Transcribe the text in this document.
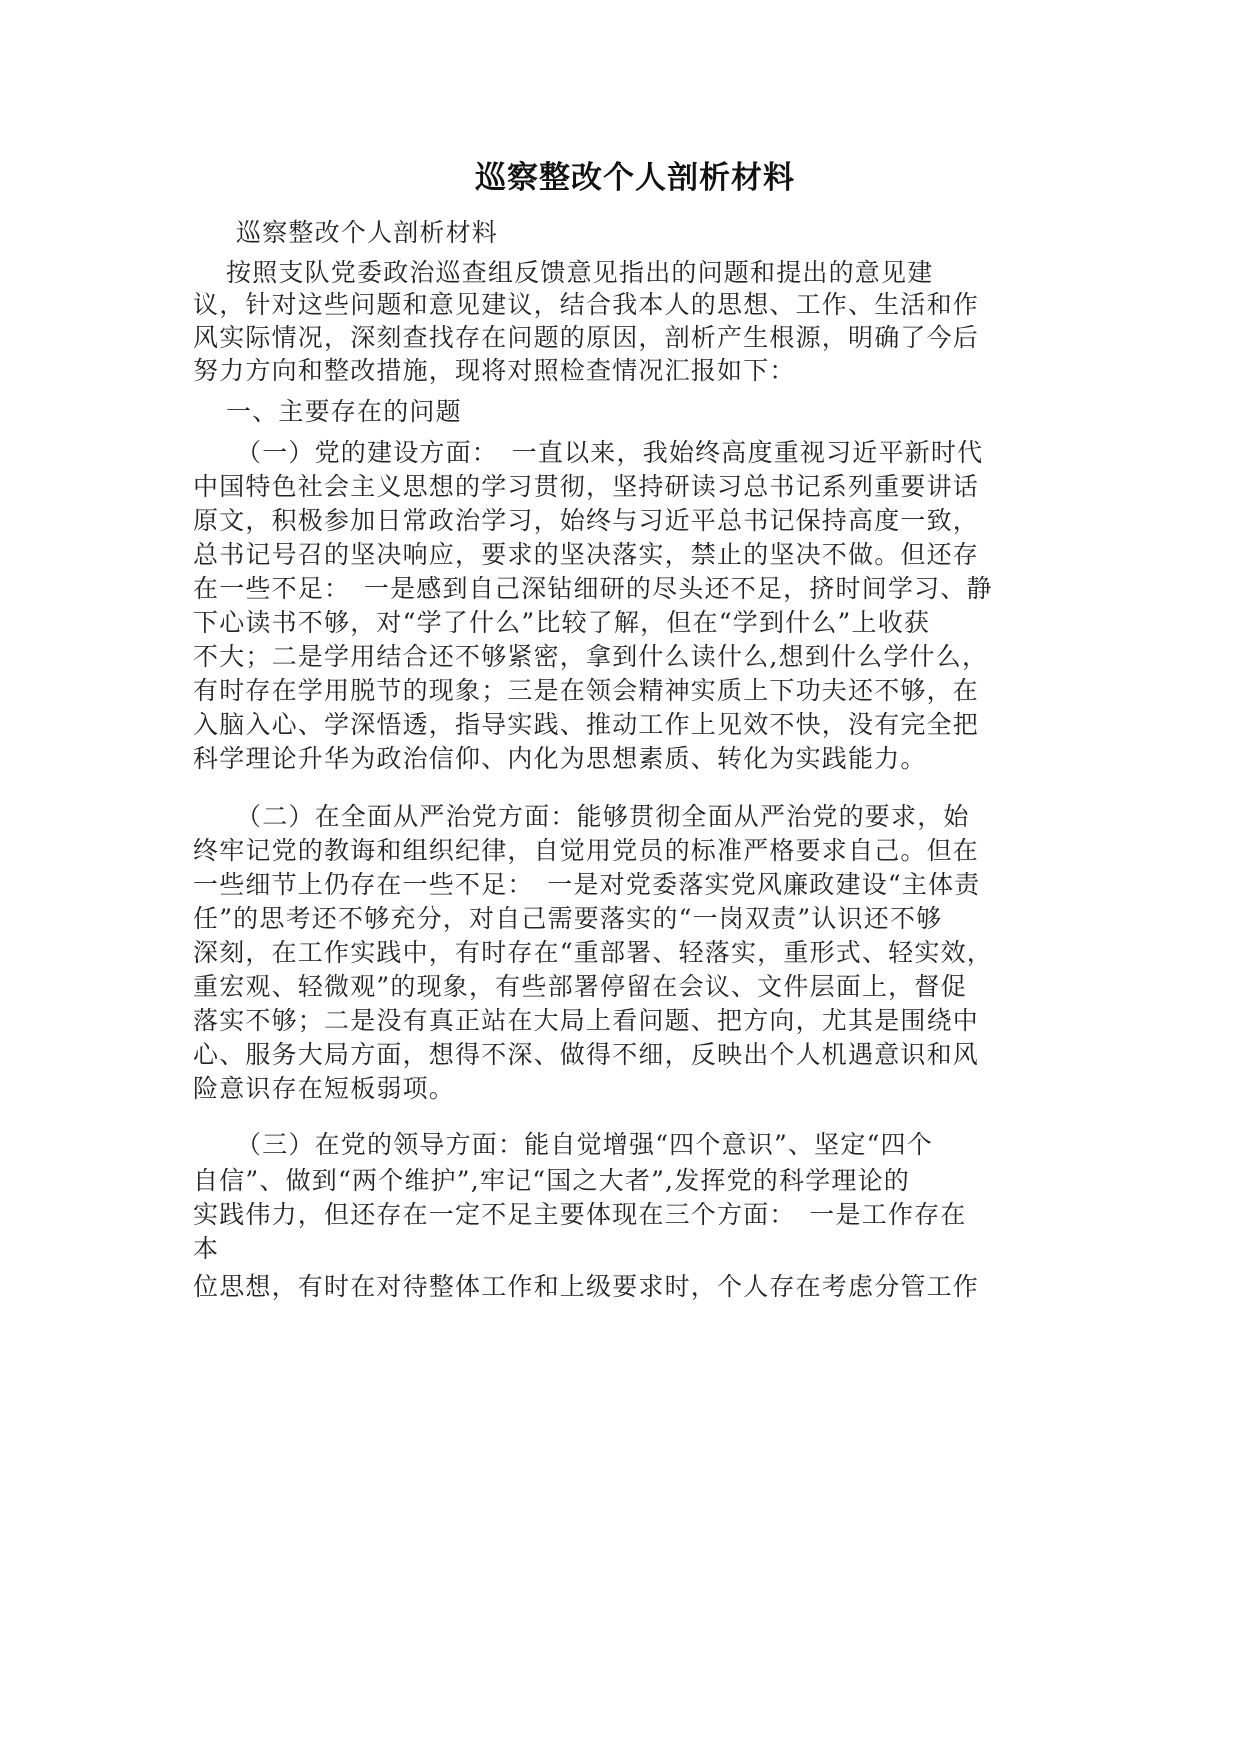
巡察整改个人剖析材料
巡察整改个人剖析材料
按照支队党委政治巡查组反馈意见指出的问题和提出的意见建
议，针对这些问题和意见建议，结合我本人的思想、工作、生活和作
风实际情况，深刻查找存在问题的原因，剖析产生根源，明确了今后
努力方向和整改措施，现将对照检查情况汇报如下：
一、主要存在的问题
（一）党的建设方面：　一直以来，我始终高度重视习近平新时代
中国特色社会主义思想的学习贯彻，坚持研读习总书记系列重要讲话
原文，积极参加日常政治学习，始终与习近平总书记保持高度一致，
总书记号召的坚决响应，要求的坚决落实，禁止的坚决不做。但还存
在一些不足：　一是感到自己深钻细研的尽头还不足，挤时间学习、静
下心读书不够，对“学了什么”比较了解，但在“学到什么”上收获
不大；二是学用结合还不够紧密，拿到什么读什么,想到什么学什么，
有时存在学用脱节的现象；三是在领会精神实质上下功夫还不够，在
入脑入心、学深悟透，指导实践、推动工作上见效不快，没有完全把
科学理论升华为政治信仰、内化为思想素质、转化为实践能力。
（二）在全面从严治党方面：能够贯彻全面从严治党的要求，始
终牢记党的教诲和组织纪律，自觉用党员的标准严格要求自己。但在
一些细节上仍存在一些不足：　一是对党委落实党风廉政建设“主体责
任”的思考还不够充分，对自己需要落实的“一岗双责”认识还不够
深刻，在工作实践中，有时存在“重部署、轻落实，重形式、轻实效，
重宏观、轻微观”的现象，有些部署停留在会议、文件层面上，督促
落实不够；二是没有真正站在大局上看问题、把方向，尤其是围绕中
心、服务大局方面，想得不深、做得不细，反映出个人机遇意识和风
险意识存在短板弱项。
（三）在党的领导方面：能自觉增强“四个意识”、坚定“四个
自信”、做到“两个维护”,牢记“国之大者”,发挥党的科学理论的
实践伟力，但还存在一定不足主要体现在三个方面：　一是工作存在
本
位思想，有时在对待整体工作和上级要求时，个人存在考虑分管工作
